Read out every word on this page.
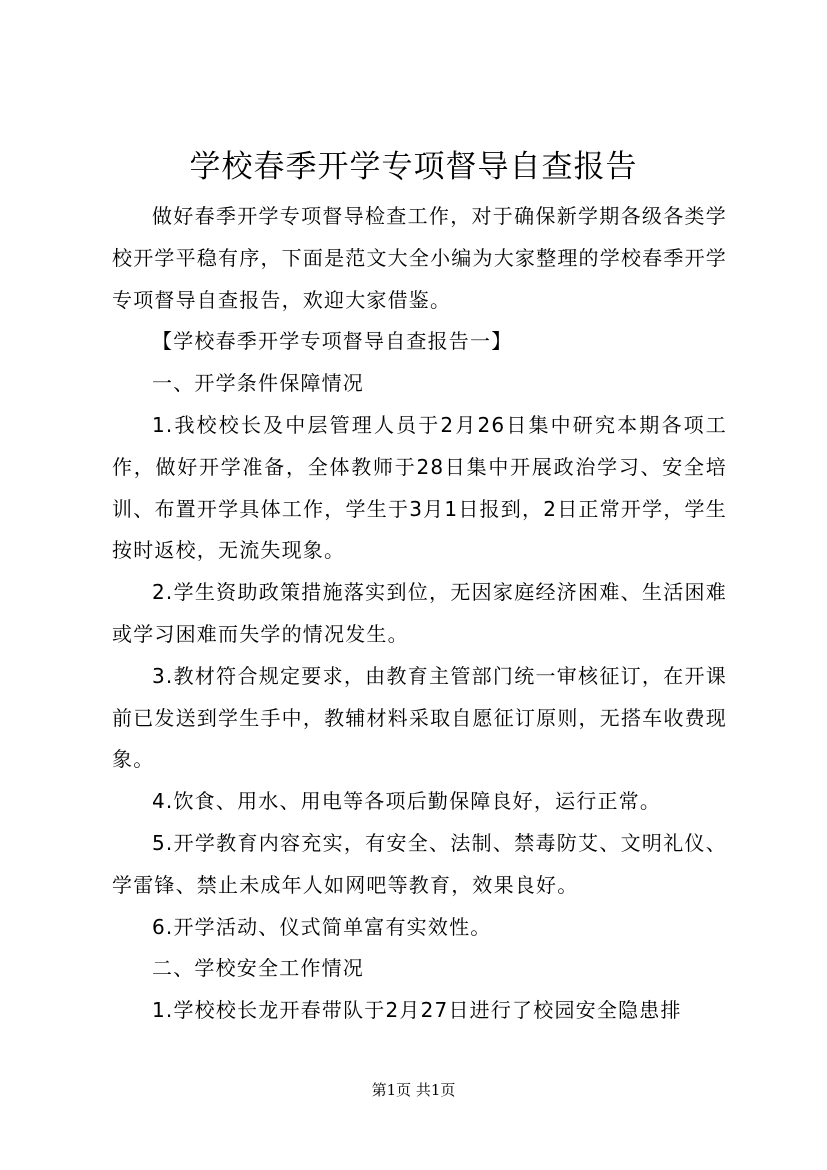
学校春季开学专项督导自查报告

做好春季开学专项督导检查工作，对于确保新学期各级各类学校开学平稳有序，下面是范文大全小编为大家整理的学校春季开学专项督导自查报告，欢迎大家借鉴。

【学校春季开学专项督导自查报告一】

一、开学条件保障情况

1.我校校长及中层管理人员于2月26日集中研究本期各项工作，做好开学准备，全体教师于28日集中开展政治学习、安全培训、布置开学具体工作，学生于3月1日报到，2日正常开学，学生按时返校，无流失现象。

2.学生资助政策措施落实到位，无因家庭经济困难、生活困难或学习困难而失学的情况发生。

3.教材符合规定要求，由教育主管部门统一审核征订，在开课前已发送到学生手中，教辅材料采取自愿征订原则，无搭车收费现象。

4.饮食、用水、用电等各项后勤保障良好，运行正常。

5.开学教育内容充实，有安全、法制、禁毒防艾、文明礼仪、学雷锋、禁止未成年人如网吧等教育，效果良好。

6.开学活动、仪式简单富有实效性。

二、学校安全工作情况

1.学校校长龙开春带队于2月27日进行了校园安全隐患排

第1页 共1页
